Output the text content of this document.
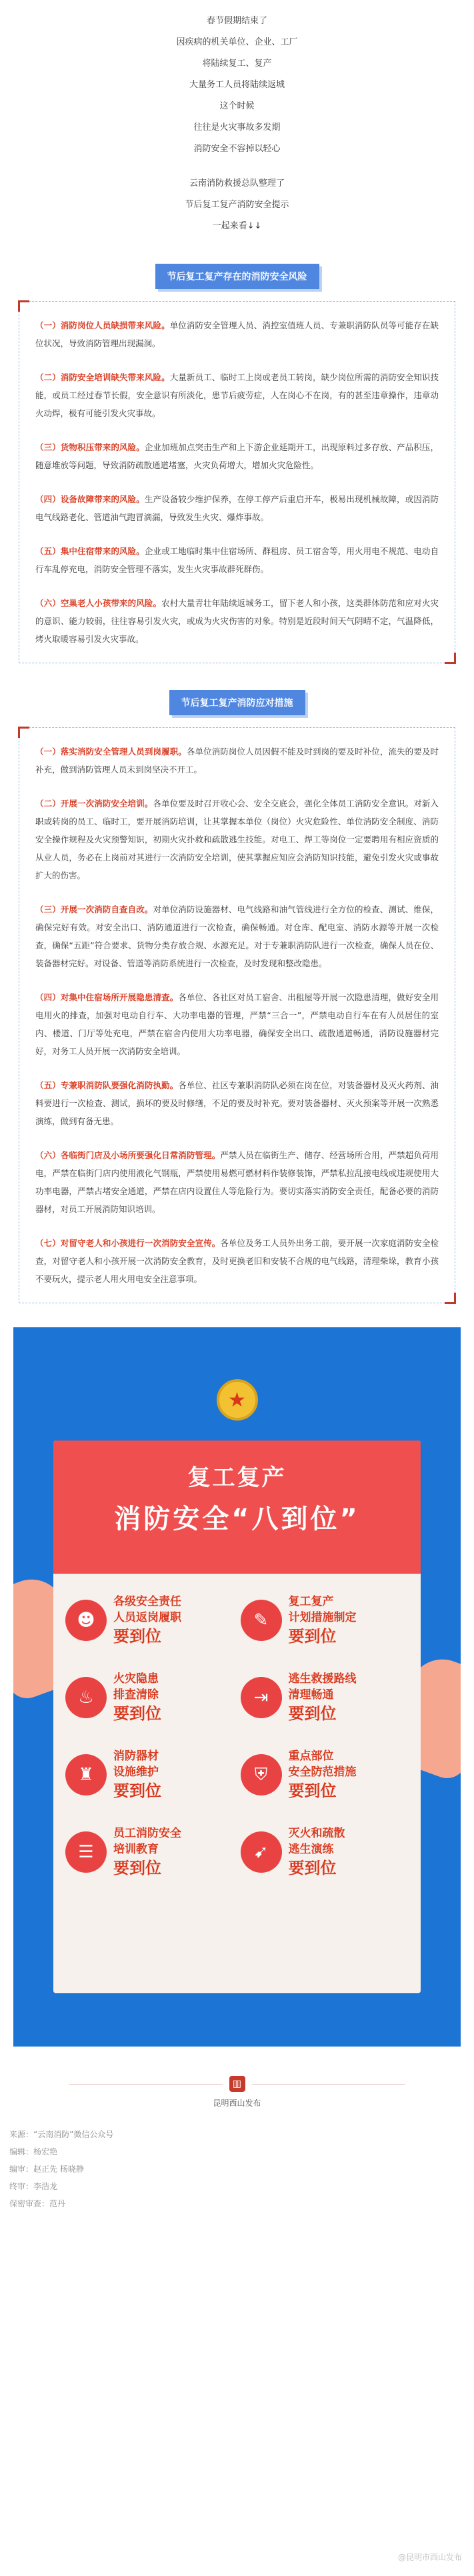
春节假期结束了

因疾病的机关单位、企业、工厂

将陆续复工、复产

大量务工人员将陆续返城

这个时候

往往是火灾事故多发期

消防安全不容掉以轻心

云南消防救援总队整理了

节后复工复产消防安全提示

一起来看↓↓

节后复工复产存在的消防安全风险

（一）消防岗位人员缺损带来风险。单位消防安全管理人员、消控室值班人员、专兼职消防队员等可能存在缺位状况，导致消防管理出现漏洞。

（二）消防安全培训缺失带来风险。大量新员工、临时工上岗或老员工转岗，缺少岗位所需的消防安全知识技能，或员工经过春节长假，安全意识有所淡化，患节后疲劳症，人在岗心不在岗，有的甚至违章操作，违章动火动焊，极有可能引发火灾事故。

（三）货物积压带来的风险。企业加班加点突击生产和上下游企业延期开工，出现原料过多存放、产品积压，随意堆放等问题，导致消防疏散通道堵塞，火灾负荷增大，增加火灾危险性。

（四）设备故障带来的风险。生产设备较少维护保养，在停工停产后重启开车，极易出现机械故障，或因消防电气线路老化、管道油气跑冒滴漏，导致发生火灾、爆炸事故。

（五）集中住宿带来的风险。企业或工地临时集中住宿场所、群租房、员工宿舍等，用火用电不规范、电动自行车乱停充电，消防安全管理不落实，发生火灾事故群死群伤。

（六）空巢老人小孩带来的风险。农村大量青壮年陆续返城务工，留下老人和小孩，这类群体防范和应对火灾的意识、能力较弱，往往容易引发火灾，或成为火灾伤害的对象。特别是近段时间天气阴晴不定，气温降低，烤火取暖容易引发火灾事故。

节后复工复产消防应对措施

（一）落实消防安全管理人员到岗履职。各单位消防岗位人员因假不能及时到岗的要及时补位，流失的要及时补充，做到消防管理人员未到岗坚决不开工。

（二）开展一次消防安全培训。各单位要及时召开收心会、安全交底会，强化全体员工消防安全意识。对新入职或转岗的员工、临时工，要开展消防培训，让其掌握本单位（岗位）火灾危险性、单位消防安全制度、消防安全操作规程及火灾预警知识，初期火灾扑救和疏散逃生技能。对电工、焊工等岗位一定要聘用有相应资质的从业人员，务必在上岗前对其进行一次消防安全培训，使其掌握应知应会消防知识技能，避免引发火灾或事故扩大的伤害。

（三）开展一次消防自查自改。对单位消防设施器材、电气线路和油气管线进行全方位的检查、测试、维保，确保完好有效。对安全出口、消防通道进行一次检查，确保畅通。对仓库、配电室、消防水源等开展一次检查，确保“五距”符合要求、货物分类存放合规、水源充足。对于专兼职消防队进行一次检查，确保人员在位、装备器材完好。对设备、管道等消防系统进行一次检查，及时发现和整改隐患。

（四）对集中住宿场所开展隐患清查。各单位、各社区对员工宿舍、出租屋等开展一次隐患清理，做好安全用电用火的排查，加强对电动自行车、大功率电器的管理，严禁“三合一”，严禁电动自行车在有人员居住的室内、楼道、门厅等处充电，严禁在宿舍内使用大功率电器，确保安全出口、疏散通道畅通，消防设施器材完好，对务工人员开展一次消防安全培训。

（五）专兼职消防队要强化消防执勤。各单位、社区专兼职消防队必须在岗在位，对装备器材及灭火药剂、油料要进行一次检查、测试，损坏的要及时修缮，不足的要及时补充。要对装备器材、灭火预案等开展一次熟悉演练，做到有备无患。

（六）各临街门店及小场所要强化日常消防管理。严禁人员在临街生产、储存、经营场所合用，严禁超负荷用电，严禁在临街门店内使用液化气钢瓶，严禁使用易燃可燃材料作装修装饰，严禁私拉乱接电线或违规使用大功率电器，严禁占堵安全通道，严禁在店内设置住人等危险行为。要切实落实消防安全责任，配备必要的消防器材，对员工开展消防知识培训。

（七）对留守老人和小孩进行一次消防安全宣传。各单位及务工人员外出务工前，要开展一次家庭消防安全检查，对留守老人和小孩开展一次消防安全教育，及时更换老旧和安装不合规的电气线路，清理柴垛，教育小孩不要玩火，提示老人用火用电安全注意事项。

★
复工复产
消防安全“八到位”
☻
各级安全责任
人员返岗履职
要到位
✎
复工复产
计划措施制定
要到位
♨
火灾隐患
排查清除
要到位
⇥
逃生救援路线
清理畅通
要到位
♜
消防器材
设施维护
要到位
⛨
重点部位
安全防范措施
要到位
☰
员工消防安全
培训教育
要到位
➹
灭火和疏散
逃生演练
要到位
▥
昆明西山发布

来源：“云南消防”微信公众号

编辑：杨宏艳

编审：赵正先 杨晓静

终审：李浩龙

保密审查：范丹

@昆明市西山发布
